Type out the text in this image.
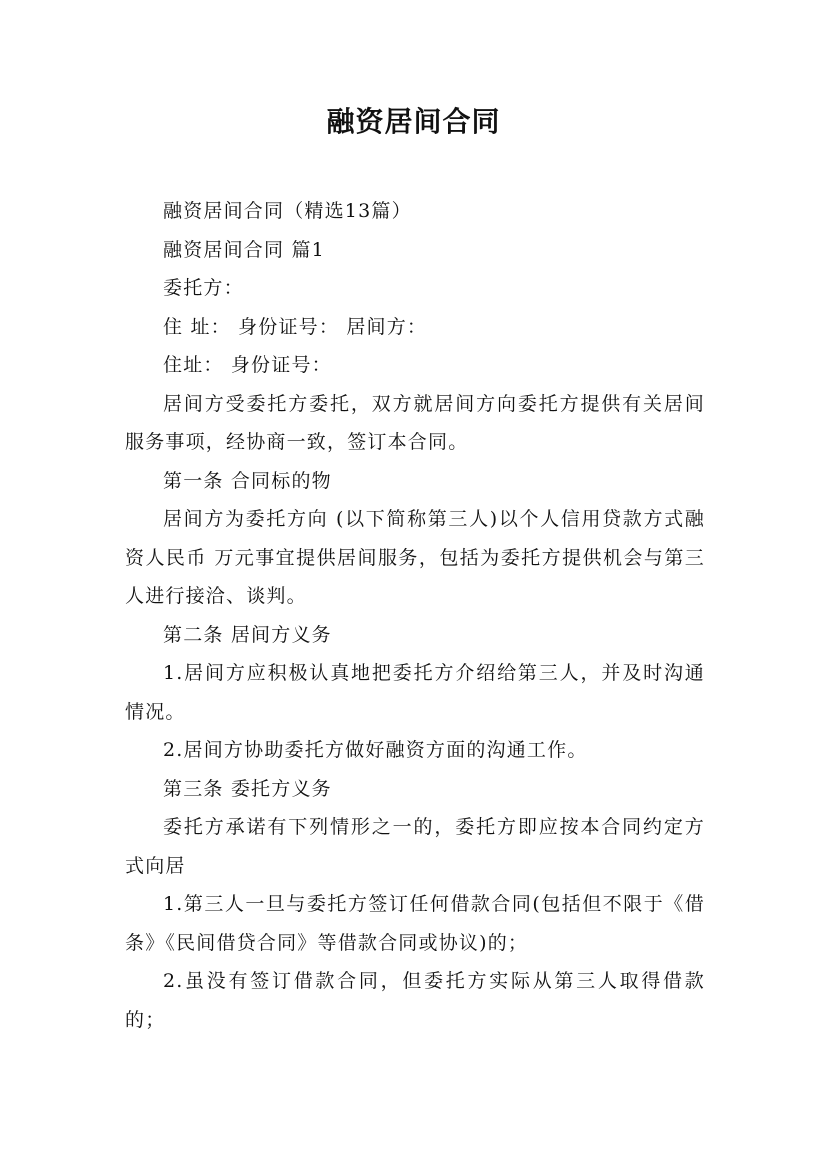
融资居间合同

融资居间合同（精选13篇）

融资居间合同 篇1

委托方：

住 址： 身份证号： 居间方：

住址： 身份证号：

居间方受委托方委托，双方就居间方向委托方提供有关居间服务事项，经协商一致，签订本合同。

第一条 合同标的物

居间方为委托方向 (以下简称第三人)以个人信用贷款方式融资人民币 万元事宜提供居间服务，包括为委托方提供机会与第三人进行接洽、谈判。

第二条 居间方义务

1.居间方应积极认真地把委托方介绍给第三人，并及时沟通情况。

2.居间方协助委托方做好融资方面的沟通工作。

第三条 委托方义务

委托方承诺有下列情形之一的，委托方即应按本合同约定方式向居

1.第三人一旦与委托方签订任何借款合同(包括但不限于《借条》《民间借贷合同》等借款合同或协议)的；

2.虽没有签订借款合同，但委托方实际从第三人取得借款的；
